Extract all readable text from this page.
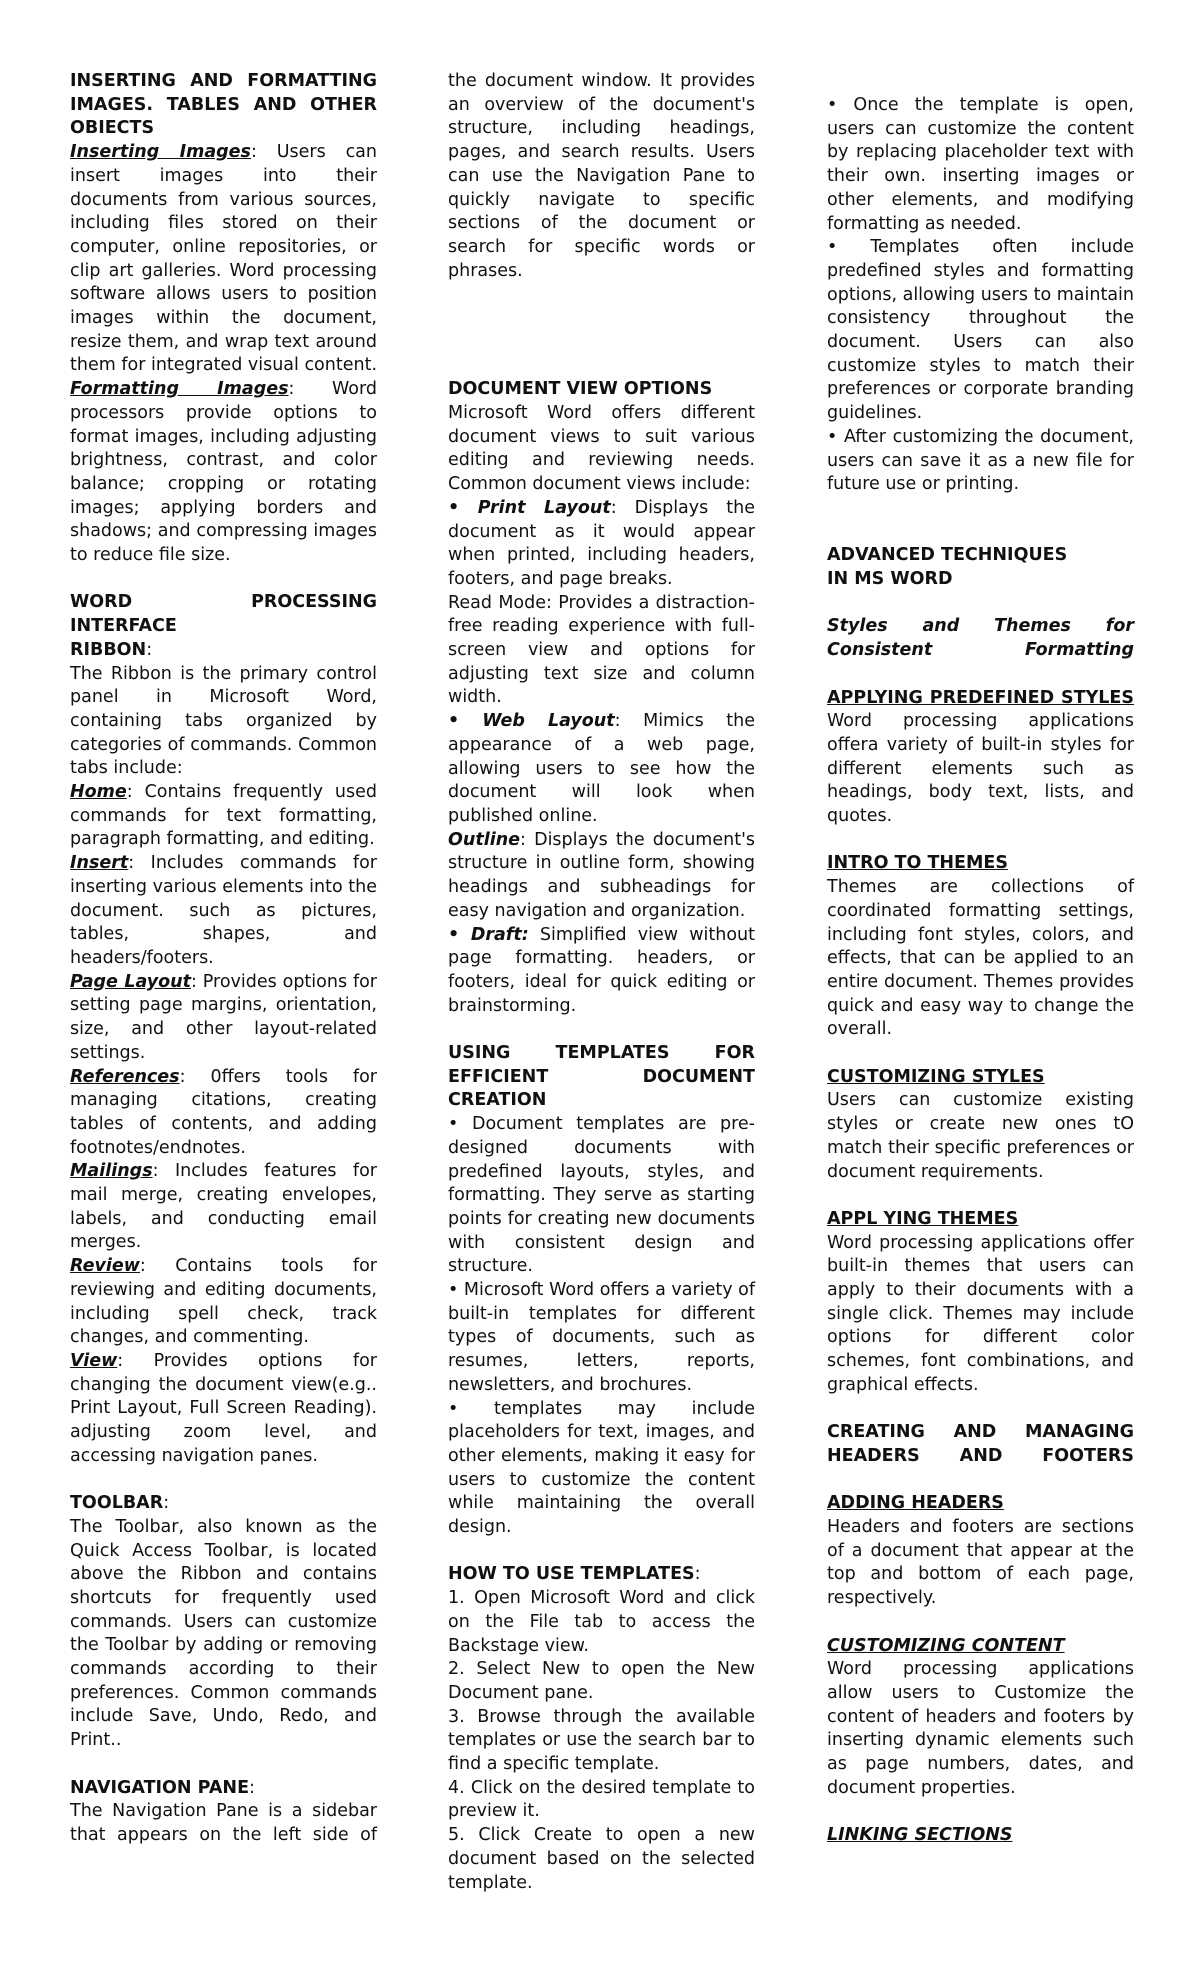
INSERTING AND FORMATTING IMAGES. TABLES AND OTHER OBIECTS

Inserting Images: Users can insert images into their documents from various sources, including files stored on their computer, online repositories, or clip art galleries. Word processing software allows users to position images within the document, resize them, and wrap text around them for integrated visual content.

Formatting Images: Word processors provide options to format images, including adjusting brightness, contrast, and color balance; cropping or rotating images; applying borders and shadows; and compressing images to reduce file size.

WORD PROCESSING INTERFACE

RIBBON:

The Ribbon is the primary control panel in Microsoft Word, containing tabs organized by categories of commands. Common tabs include:

Home: Contains frequently used commands for text formatting, paragraph formatting, and editing.

Insert: Includes commands for inserting various elements into the document. such as pictures, tables, shapes, and headers/footers.

Page Layout: Provides options for setting page margins, orientation, size, and other layout-related settings.

References: 0ffers tools for managing citations, creating tables of contents, and adding footnotes/endnotes.

Mailings: Includes features for mail merge, creating envelopes, labels, and conducting email merges.

Review: Contains tools for reviewing and editing documents, including spell check, track changes, and commenting.

View: Provides options for changing the document view(e.g.. Print Layout, Full Screen Reading). adjusting zoom level, and accessing navigation panes.

TOOLBAR:

The Toolbar, also known as the Quick Access Toolbar, is located above the Ribbon and contains shortcuts for frequently used commands. Users can customize the Toolbar by adding or removing commands according to their preferences. Common commands include Save, Undo, Redo, and Print..

NAVIGATION PANE:

The Navigation Pane is a sidebar that appears on the left side of

the document window. It provides an overview of the document's structure, including headings, pages, and search results. Users can use the Navigation Pane to quickly navigate to specific sections of the document or search for specific words or phrases.

DOCUMENT VIEW OPTIONS

Microsoft Word offers different document views to suit various editing and reviewing needs. Common document views include:

• Print Layout: Displays the document as it would appear when printed, including headers, footers, and page breaks.

Read Mode: Provides a distraction-free reading experience with full-screen view and options for adjusting text size and column width.

• Web Layout: Mimics the appearance of a web page, allowing users to see how the document will look when published online.

Outline: Displays the document's structure in outline form, showing headings and subheadings for easy navigation and organization.

• Draft: Simplified view without page formatting. headers, or footers, ideal for quick editing or brainstorming.

USING TEMPLATES FOR EFFICIENT DOCUMENT
CREATION

• Document templates are pre-designed documents with predefined layouts, styles, and formatting. They serve as starting points for creating new documents with consistent design and structure.

• Microsoft Word offers a variety of built-in templates for different types of documents, such as resumes, letters, reports, newsletters, and brochures.

• templates may include placeholders for text, images, and other elements, making it easy for users to customize the content while maintaining the overall design.

HOW TO USE TEMPLATES:

1. Open Microsoft Word and click on the File tab to access the Backstage view.

2. Select New to open the New Document pane.

3. Browse through the available templates or use the search bar to find a specific template.

4. Click on the desired template to preview it.

5. Click Create to open a new document based on the selected template.

• Once the template is open, users can customize the content by replacing placeholder text with their own. inserting images or other elements, and modifying formatting as needed.

• Templates often include predefined styles and formatting options, allowing users to maintain consistency throughout the document. Users can also customize styles to match their preferences or corporate branding guidelines.

• After customizing the document, users can save it as a new file for future use or printing.

ADVANCED TECHNIQUES
IN MS WORD

Styles and Themes for Consistent Formatting

APPLYING PREDEFINED STYLES

Word processing applications offera variety of built-in styles for different elements such as headings, body text, lists, and quotes.

INTRO TO THEMES

Themes are collections of coordinated formatting settings, including font styles, colors, and effects, that can be applied to an entire document. Themes provides quick and easy way to change the overall.

CUSTOMIZING STYLES

Users can customize existing styles or create new ones tO match their specific preferences or document requirements.

APPL YING THEMES

Word processing applications offer built-in themes that users can apply to their documents with a single click. Themes may include options for different color schemes, font combinations, and graphical effects.

CREATING AND MANAGING HEADERS AND FOOTERS

ADDING HEADERS

Headers and footers are sections of a document that appear at the top and bottom of each page, respectively.

CUSTOMIZING CONTENT

Word processing applications allow users to Customize the content of headers and footers by inserting dynamic elements such as page numbers, dates, and document properties.

LINKING SECTIONS
